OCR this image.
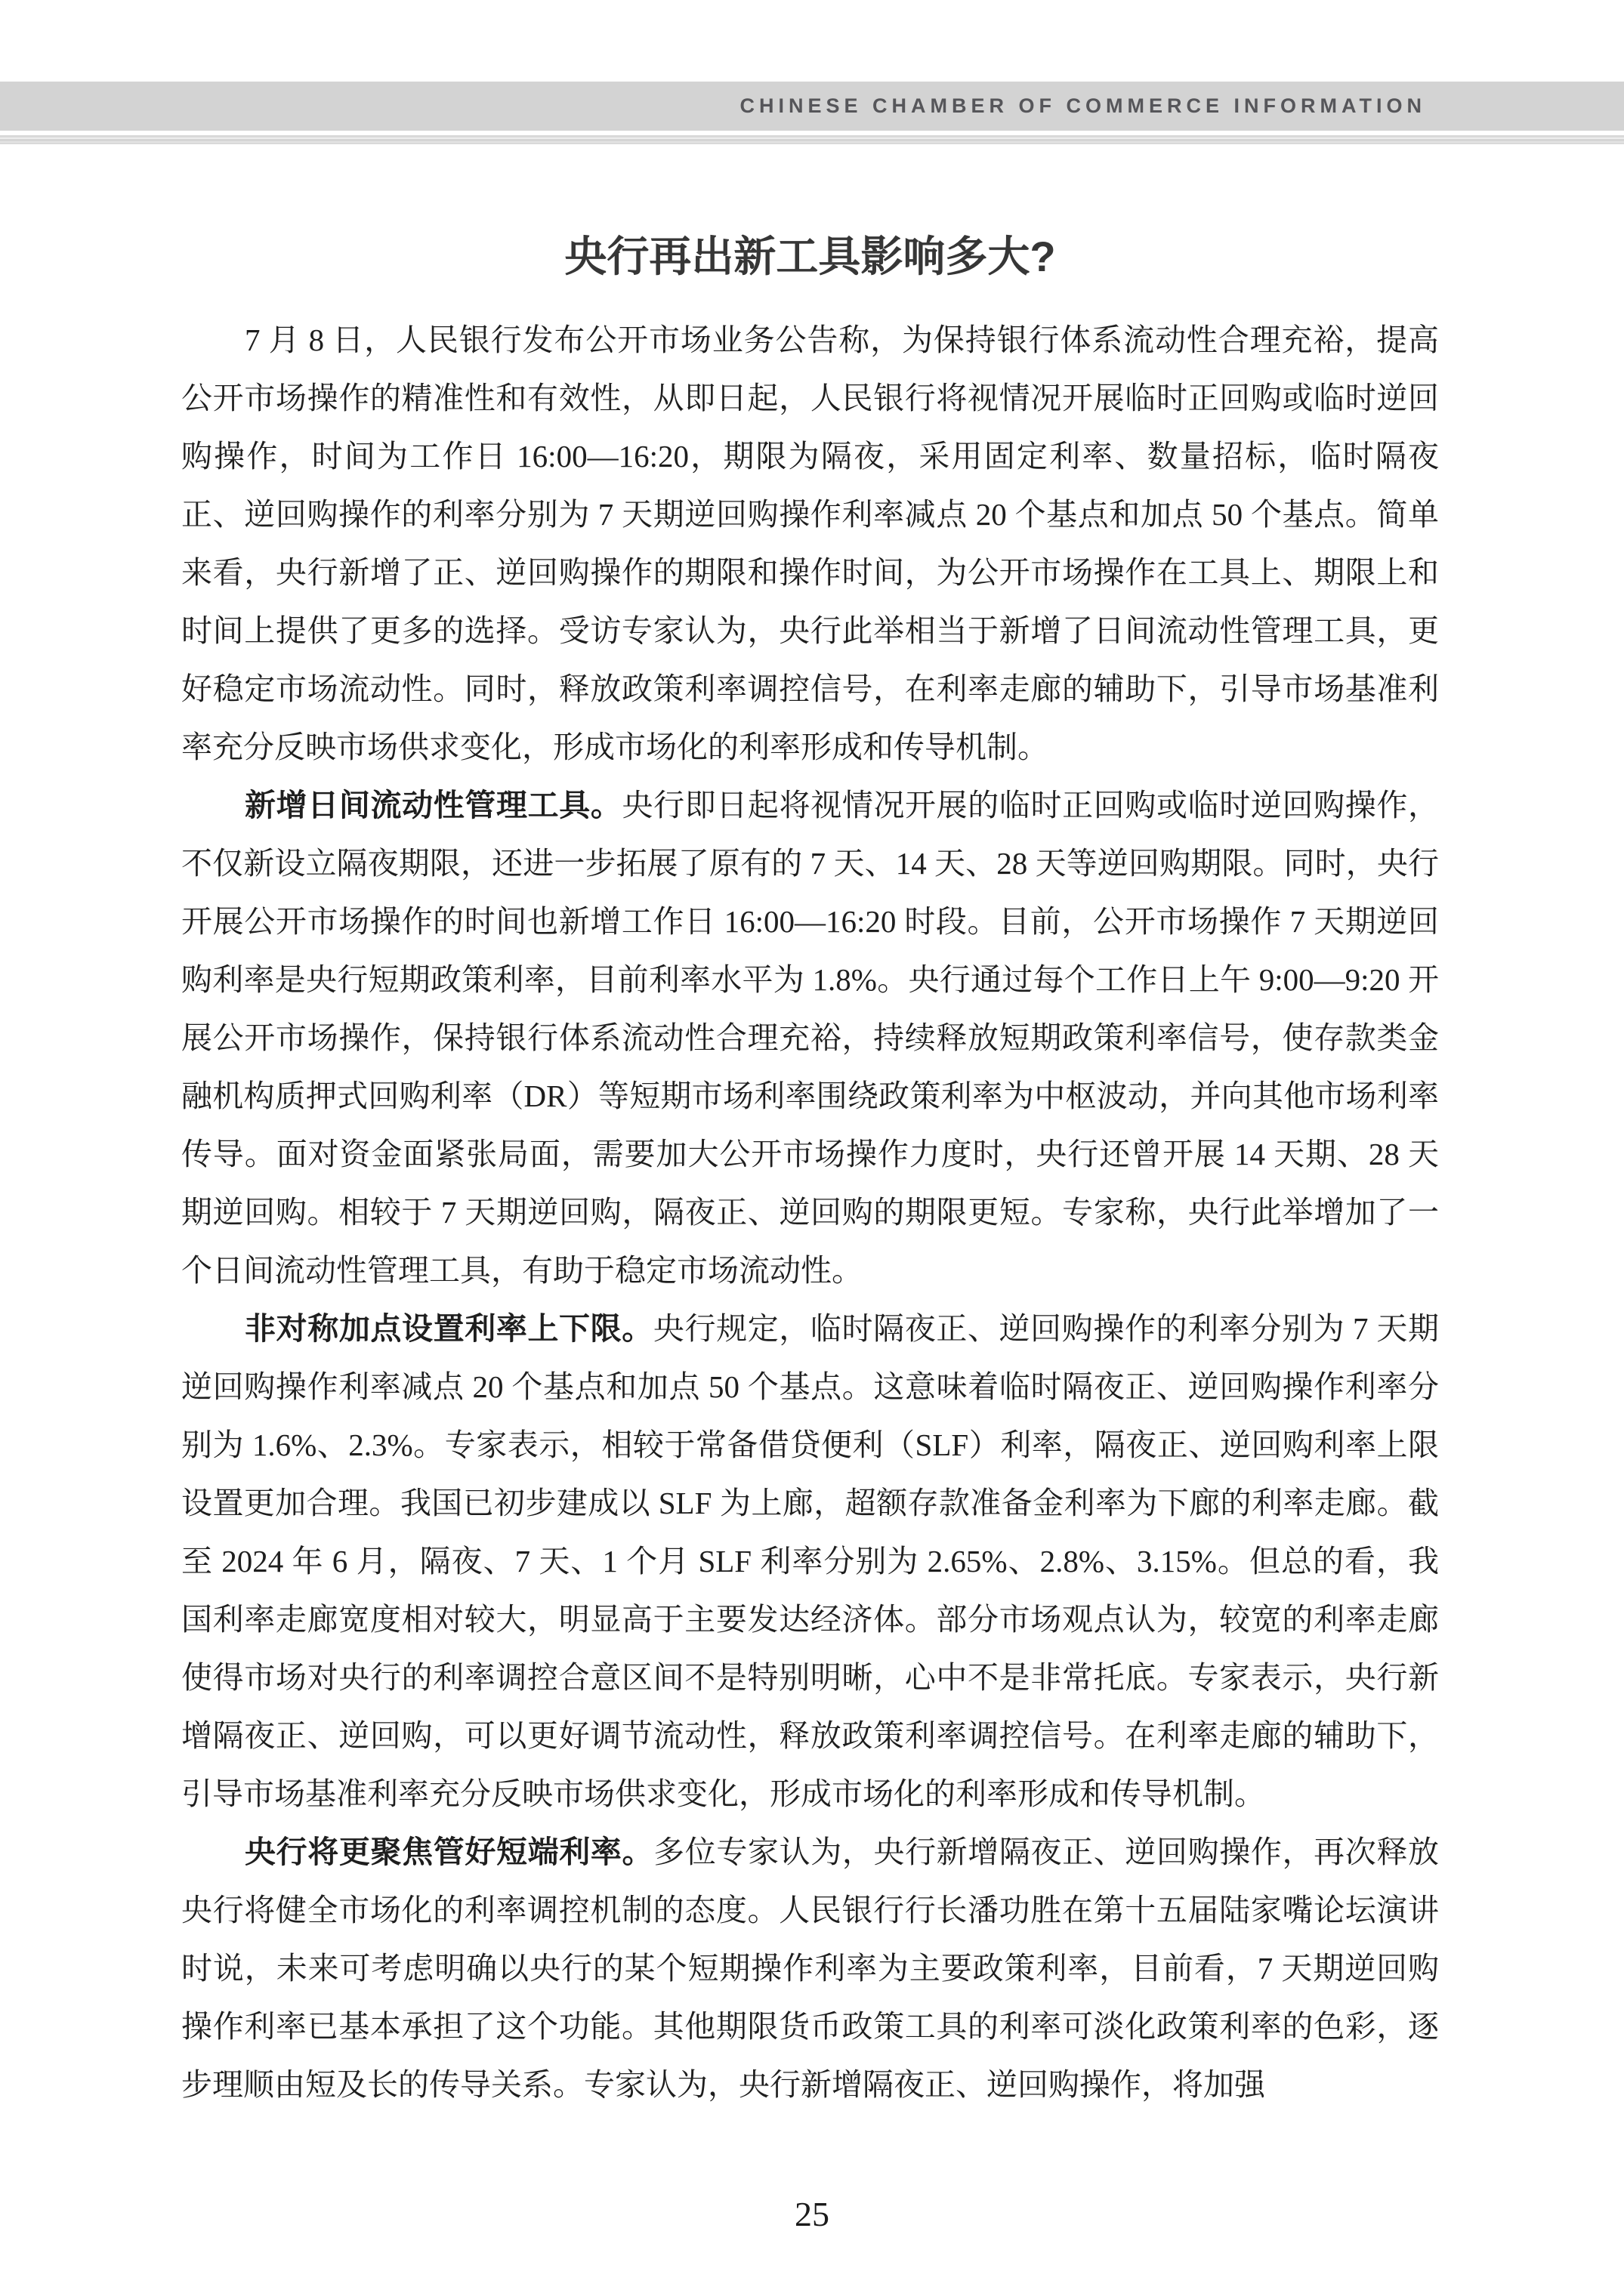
CHINESE CHAMBER OF COMMERCE INFORMATION
央行再出新工具影响多大?

7 月 8 日，人民银行发布公开市场业务公告称，为保持银行体系流动性合理充裕，提高公开市场操作的精准性和有效性，从即日起，人民银行将视情况开展临时正回购或临时逆回购操作，时间为工作日 16:00—16:20，期限为隔夜，采用固定利率、数量招标，临时隔夜正、逆回购操作的利率分别为 7 天期逆回购操作利率减点 20 个基点和加点 50 个基点。简单来看，央行新增了正、逆回购操作的期限和操作时间，为公开市场操作在工具上、期限上和时间上提供了更多的选择。受访专家认为，央行此举相当于新增了日间流动性管理工具，更好稳定市场流动性。同时，释放政策利率调控信号，在利率走廊的辅助下，引导市场基准利率充分反映市场供求变化，形成市场化的利率形成和传导机制。

新增日间流动性管理工具。央行即日起将视情况开展的临时正回购或临时逆回购操作，不仅新设立隔夜期限，还进一步拓展了原有的 7 天、14 天、28 天等逆回购期限。同时，央行开展公开市场操作的时间也新增工作日 16:00—16:20 时段。目前，公开市场操作 7 天期逆回购利率是央行短期政策利率，目前利率水平为 1.8%。央行通过每个工作日上午 9:00—9:20 开展公开市场操作，保持银行体系流动性合理充裕，持续释放短期政策利率信号，使存款类金融机构质押式回购利率（DR）等短期市场利率围绕政策利率为中枢波动，并向其他市场利率传导。面对资金面紧张局面，需要加大公开市场操作力度时，央行还曾开展 14 天期、28 天期逆回购。相较于 7 天期逆回购，隔夜正、逆回购的期限更短。专家称，央行此举增加了一个日间流动性管理工具，有助于稳定市场流动性。

非对称加点设置利率上下限。央行规定，临时隔夜正、逆回购操作的利率分别为 7 天期逆回购操作利率减点 20 个基点和加点 50 个基点。这意味着临时隔夜正、逆回购操作利率分别为 1.6%、2.3%。专家表示，相较于常备借贷便利（SLF）利率，隔夜正、逆回购利率上限设置更加合理。我国已初步建成以 SLF 为上廊，超额存款准备金利率为下廊的利率走廊。截至 2024 年 6 月，隔夜、7 天、1 个月 SLF 利率分别为 2.65%、2.8%、3.15%。但总的看，我国利率走廊宽度相对较大，明显高于主要发达经济体。部分市场观点认为，较宽的利率走廊使得市场对央行的利率调控合意区间不是特别明晰，心中不是非常托底。专家表示，央行新增隔夜正、逆回购，可以更好调节流动性，释放政策利率调控信号。在利率走廊的辅助下，引导市场基准利率充分反映市场供求变化，形成市场化的利率形成和传导机制。

央行将更聚焦管好短端利率。多位专家认为，央行新增隔夜正、逆回购操作，再次释放央行将健全市场化的利率调控机制的态度。人民银行行长潘功胜在第十五届陆家嘴论坛演讲时说，未来可考虑明确以央行的某个短期操作利率为主要政策利率，目前看，7 天期逆回购操作利率已基本承担了这个功能。其他期限货币政策工具的利率可淡化政策利率的色彩，逐步理顺由短及长的传导关系。专家认为，央行新增隔夜正、逆回购操作，将加强

25
